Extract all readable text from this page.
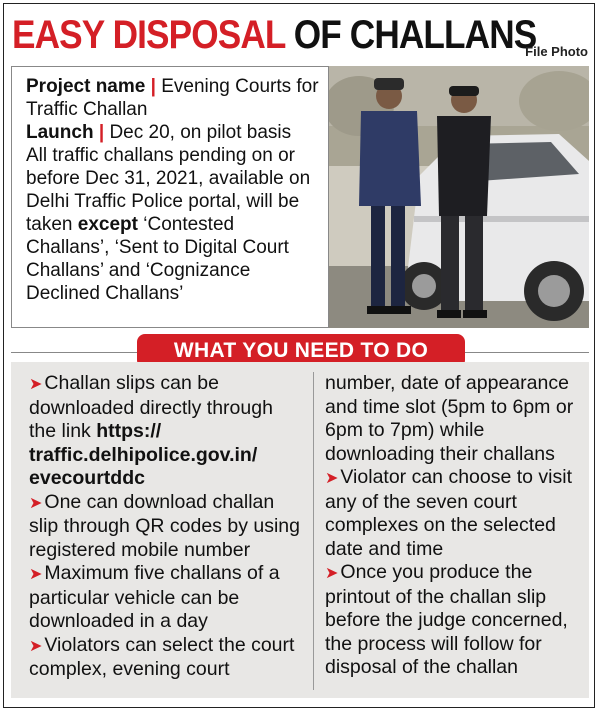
EASY DISPOSAL OF CHALLANS
File Photo

Project name | Evening Courts for Traffic Challan

Launch | Dec 20, on pilot basis

All traffic challans pending on or before Dec 31, 2021, available on Delhi Traffic Police portal, will be taken except ‘Contested Challans’, ‘Sent to Digital Court Challans’ and ‘Cognizance Declined Challans’

WHAT YOU NEED TO DO

➤ Challan slips can be downloaded directly through the link https:// traffic.delhipolice.gov.in/ evecourtddc

➤ One can download challan slip through QR codes by using registered mobile number

➤ Maximum five challans of a particular vehicle can be downloaded in a day

➤ Violators can select the court complex, evening court

number, date of appearance and time slot (5pm to 6pm or 6pm to 7pm) while downloading their challans

➤ Violator can choose to visit any of the seven court complexes on the selected date and time

➤ Once you produce the printout of the challan slip before the judge concerned, the process will follow for disposal of the challan
